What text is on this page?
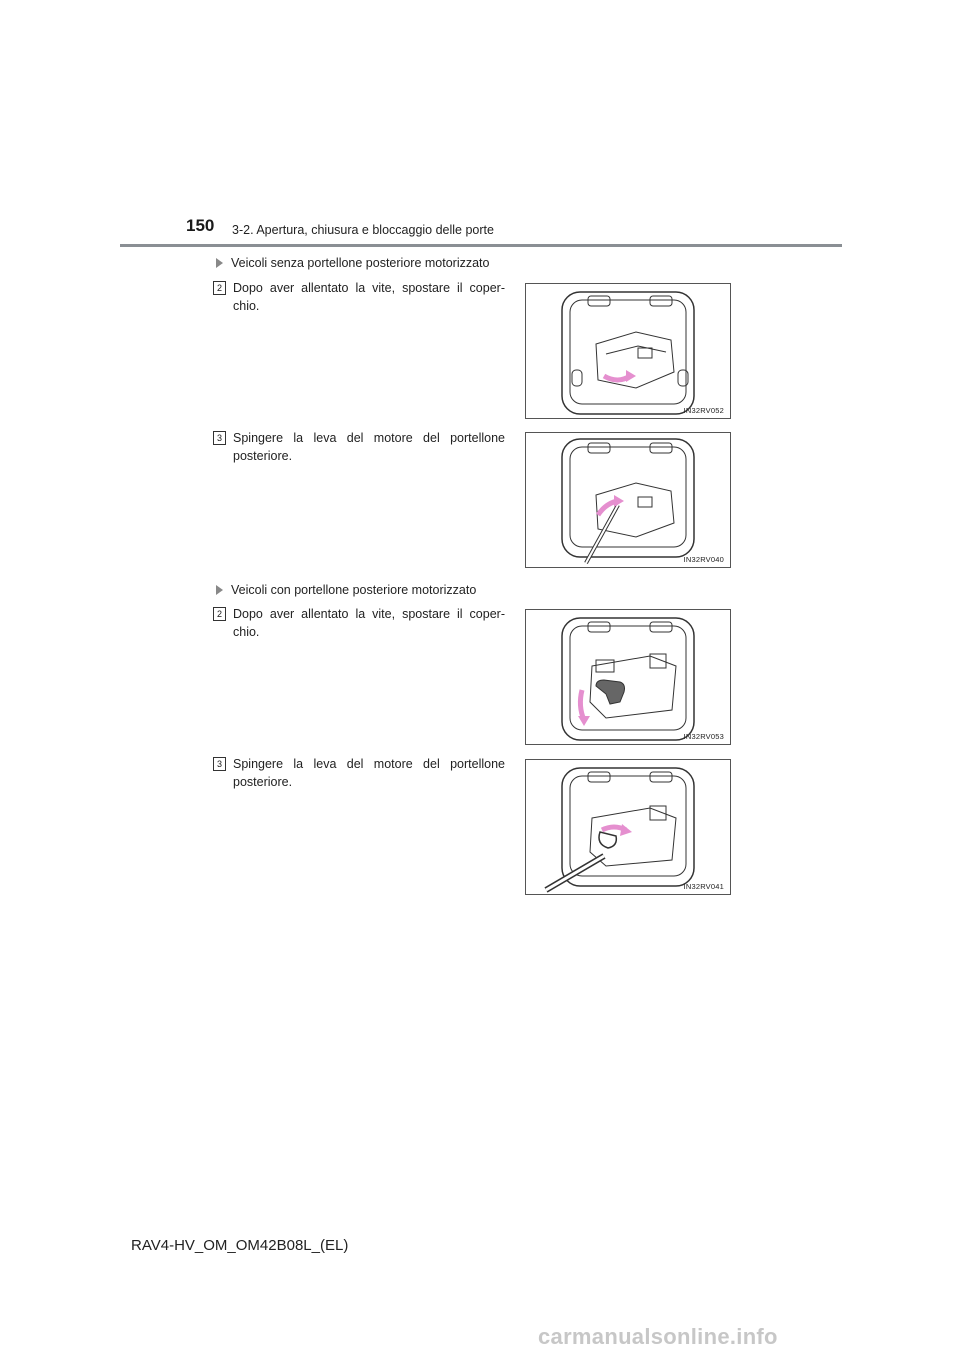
150 3-2. Apertura, chiusura e bloccaggio delle porte
Veicoli senza portellone posteriore motorizzato
2 Dopo aver allentato la vite, spostare il coper-chio.
IN32RV052
3 Spingere la leva del motore del portellone posteriore.
IN32RV040
Veicoli con portellone posteriore motorizzato
2 Dopo aver allentato la vite, spostare il coper-chio.
IN32RV053
3 Spingere la leva del motore del portellone posteriore.
IN32RV041
RAV4-HV_OM_OM42B08L_(EL)
carmanualsonline.info
